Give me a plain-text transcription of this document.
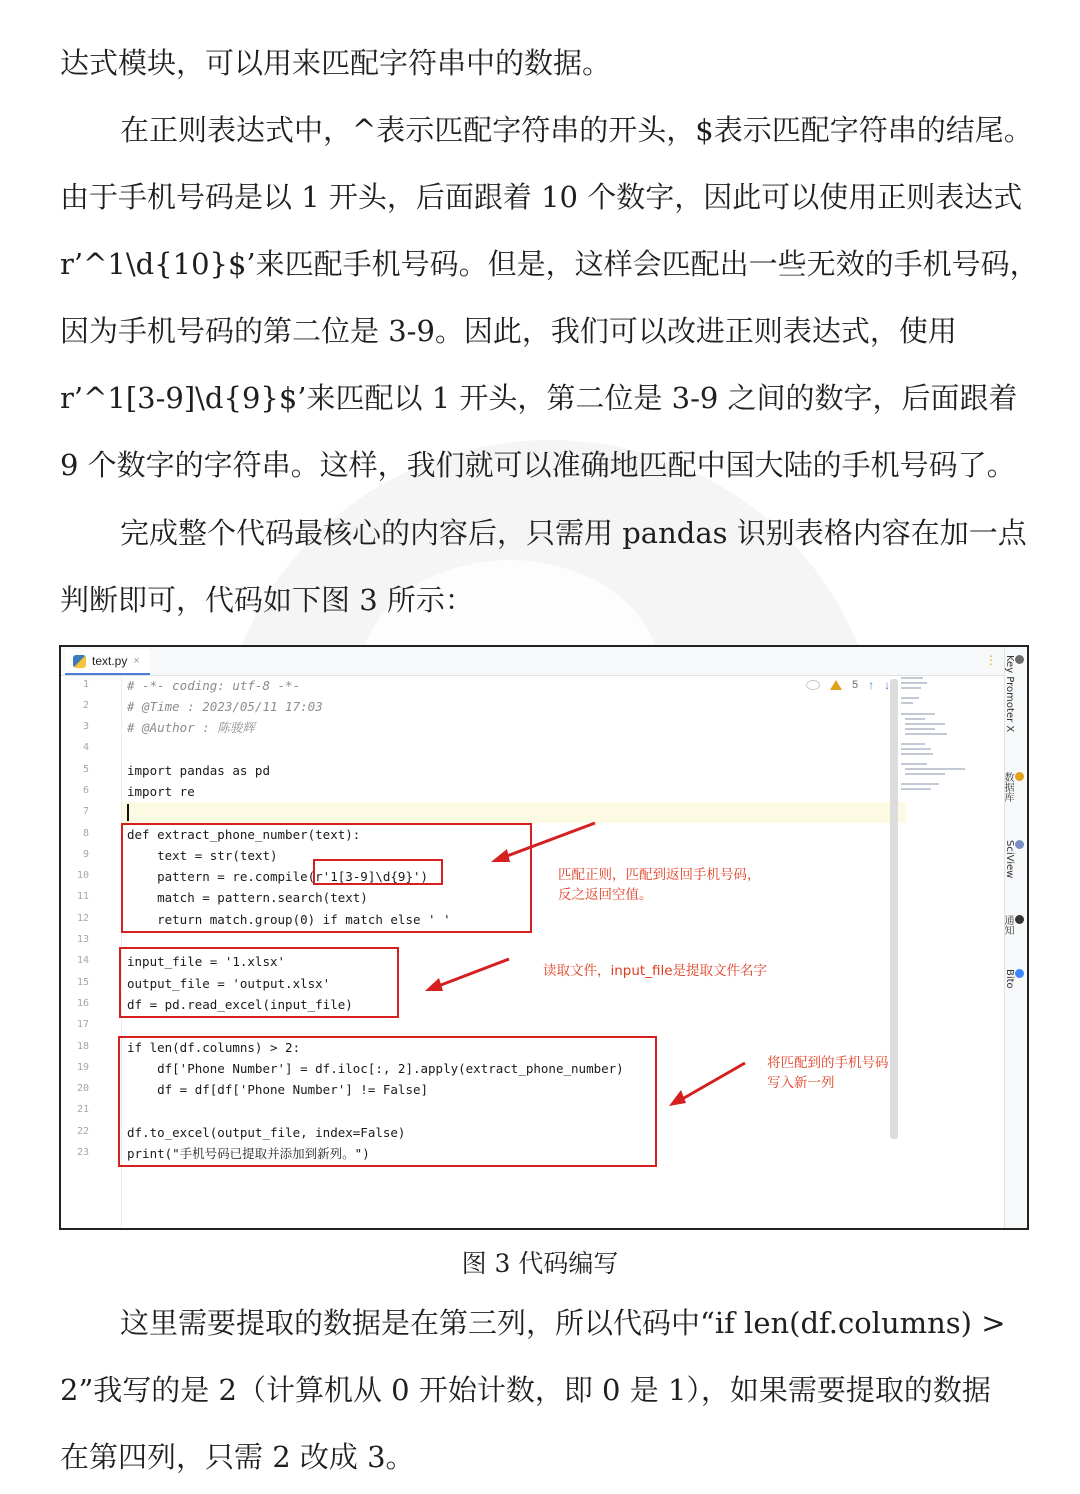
达式模块，可以用来匹配字符串中的数据。
在正则表达式中，^表示匹配字符串的开头，$表示匹配字符串的结尾。
由于手机号码是以 1 开头，后面跟着 10 个数字，因此可以使用正则表达式
r’^1\d{10}$’来匹配手机号码。但是，这样会匹配出一些无效的手机号码，
因为手机号码的第二位是 3-9。因此，我们可以改进正则表达式，使用
r’^1[3-9]\d{9}$’来匹配以 1 开头，第二位是 3-9 之间的数字，后面跟着
9 个数字的字符串。这样，我们就可以准确地匹配中国大陆的手机号码了。
完成整个代码最核心的内容后，只需用 pandas 识别表格内容在加一点
判断即可，代码如下图 3 所示：
text.py ×	⋮
1
2
3
4
5
6
7
8
9
10
11
12
13
14
15
16
17
18
19
20
21
22
23
# -*- coding: utf-8 -*-
# @Time : 2023/05/11 17:03
# @Author : 陈骏辉
import pandas as pd
import re
def extract_phone_number(text):
text = str(text)
pattern = re.compile(r'1[3-9]\d{9}')
match = pattern.search(text)
return match.group(0) if match else ' '
input_file = '1.xlsx'
output_file = 'output.xlsx'
df = pd.read_excel(input_file)
if len(df.columns) > 2:
df['Phone Number'] = df.iloc[:, 2].apply(extract_phone_number)
df = df[df['Phone Number'] != False]
df.to_excel(output_file, index=False)
print("手机号码已提取并添加到新列。")
5 ↑ ↓
匹配正则，匹配到返回手机号码，
反之返回空值。
读取文件，input_file是提取文件名字
将匹配到的手机号码
写入新一列
Key Promoter X
数据库
SciView
通知
Bito
图 3 代码编写
这里需要提取的数据是在第三列，所以代码中“if len(df.columns) >
2”我写的是 2（计算机从 0 开始计数，即 0 是 1），如果需要提取的数据
在第四列，只需 2 改成 3。
